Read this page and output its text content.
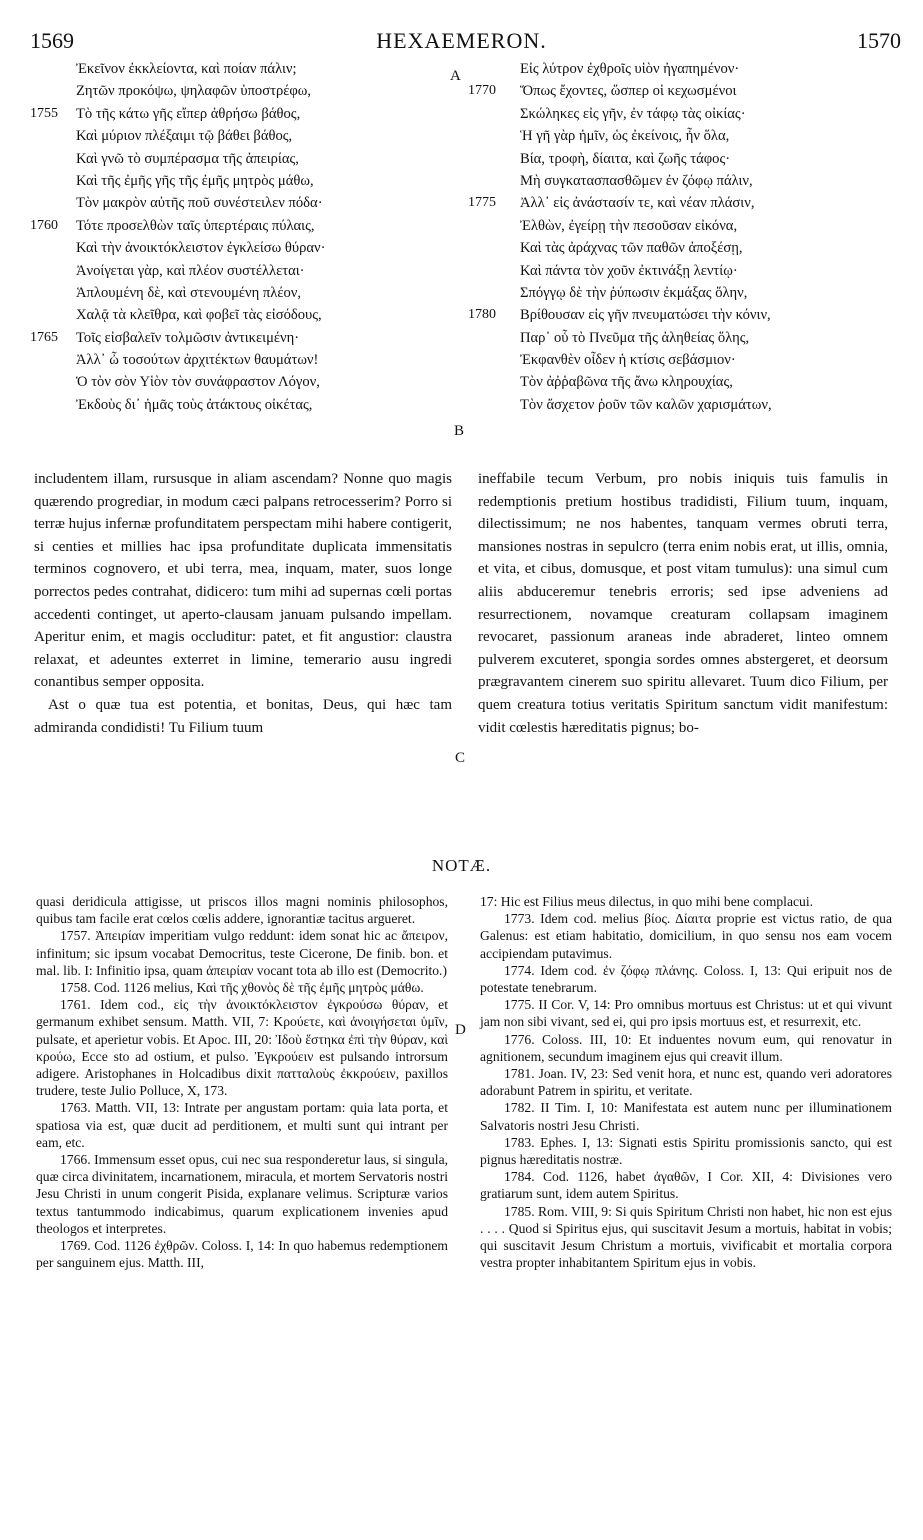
1569	HEXAEMERON.	1570
Ἐκεῖνον ἐκκλείοντα, καὶ ποίαν πάλιν;
Ζητῶν προκόψω, ψηλαφῶν ὑποστρέφω,
1755 Τὸ τῆς κάτω γῆς εἴπερ ἀθρήσω βάθος,
Καὶ μύριον πλέξαιμι τῷ βάθει βάθος,
Καὶ γνῶ τὸ συμπέρασμα τῆς ἀπειρίας,
Καὶ τῆς ἐμῆς γῆς τῆς ἐμῆς μητρὸς μάθω,
Τὸν μακρὸν αὐτῆς ποῦ συνέστειλεν πόδα·
1760 Τότε προσελθὼν ταῖς ὑπερτέραις πύλαις,
Καὶ τὴν ἀνοικτόκλειστον ἐγκλείσω θύραν·
Ἀνοίγεται γὰρ, καὶ πλέον συστέλλεται·
Ἁπλουμένη δὲ, καὶ στενουμένη πλέον,
Χαλᾷ τὰ κλεῖθρα, καὶ φοβεῖ τὰς εἰσόδους,
1765 Τοῖς εἰσβαλεῖν τολμῶσιν ἀντικειμένη·
Ἀλλ᾽ ὦ τοσούτων ἀρχιτέκτων θαυμάτων!
Ὁ τὸν σὸν Υἱὸν τὸν συνάφραστον Λόγον,
Ἐκδοὺς δι᾽ ἡμᾶς τοὺς ἀτάκτους οἰκέτας,
Εἰς λύτρον ἐχθροῖς υἱὸν ἠγαπημένον·
1770 Ὅπως ἔχοντες, ὥσπερ οἱ κεχωσμένοι
Σκώληκες εἰς γῆν, ἐν τάφῳ τὰς οἰκίας·
Ἡ γῆ γὰρ ἡμῖν, ὡς ἐκείνοις, ἦν ὅλα,
Βία, τροφὴ, δίαιτα, καὶ ζωῆς τάφος·
Μὴ συγκατασπασθῶμεν ἐν ζόφῳ πάλιν,
1775 Ἀλλ᾽ εἰς ἀνάστασίν τε, καὶ νέαν πλάσιν,
Ἐλθὼν, ἐγείρῃ τὴν πεσοῦσαν εἰκόνα,
Καὶ τὰς ἀράχνας τῶν παθῶν ἀποξέσῃ,
Καὶ πάντα τὸν χοῦν ἐκτινάξῃ λεντίῳ·
Σπόγγῳ δὲ τὴν ῥύπωσιν ἐκμάξας ὅλην,
1780 Βρίθουσαν εἰς γῆν πνευματώσει τὴν κόνιν,
Παρ᾽ οὗ τὸ Πνεῦμα τῆς ἀληθείας ὅλης,
Ἐκφανθὲν οἶδεν ἡ κτίσις σεβάσμιον·
Τὸν ἀῤῥαβῶνα τῆς ἄνω κληρουχίας,
Τὸν ἄσχετον ῥοῦν τῶν καλῶν χαρισμάτων,
A
B
C
D

includentem illam, rursusque in aliam ascendam? Nonne quo magis quærendo progrediar, in modum cæci palpans retrocesserim? Porro si terræ hujus infernæ profunditatem perspectam mihi habere contigerit, si centies et millies hac ipsa profunditate duplicata immensitatis terminos cognovero, et ubi terra, mea, inquam, mater, suos longe porrectos pedes contrahat, didicero: tum mihi ad supernas cœli portas accedenti continget, ut aperto-clausam januam pulsando impellam. Aperitur enim, et magis occluditur: patet, et fit angustior: claustra relaxat, et adeuntes exterret in limine, temerario ausu ingredi conantibus semper opposita.

Ast o quæ tua est potentia, et bonitas, Deus, qui hæc tam admiranda condidisti! Tu Filium tuum

ineffabile tecum Verbum, pro nobis iniquis tuis famulis in redemptionis pretium hostibus tradidisti, Filium tuum, inquam, dilectissimum; ne nos habentes, tanquam vermes obruti terra, mansiones nostras in sepulcro (terra enim nobis erat, ut illis, omnia, et vita, et cibus, domusque, et post vitam tumulus): una simul cum aliis abduceremur tenebris erroris; sed ipse adveniens ad resurrectionem, novamque creaturam collapsam imaginem revocaret, passionum araneas inde abraderet, linteo omnem pulverem excuteret, spongia sordes omnes abstergeret, et deorsum prægravantem cinerem suo spiritu allevaret. Tuum dico Filium, per quem creatura totius veritatis Spiritum sanctum vidit manifestum: vidit cœlestis hæreditatis pignus; bo-

NOTÆ.

quasi deridicula attigisse, ut priscos illos magni nominis philosophos, quibus tam facile erat cœlos cœlis addere, ignorantiæ tacitus argueret.

1757. Ἀπειρίαν imperitiam vulgo reddunt: idem sonat hic ac ἄπειρον, infinitum; sic ipsum vocabat Democritus, teste Cicerone, De finib. bon. et mal. lib. I: Infinitio ipsa, quam ἀπειρίαν vocant tota ab illo est (Democrito.)

1758. Cod. 1126 melius, Καὶ τῆς χθονὸς δὲ τῆς ἐμῆς μητρὸς μάθω.

1761. Idem cod., εἰς τὴν ἀνοικτόκλειστον ἐγκρούσω θύραν, et germanum exhibet sensum. Matth. VII, 7: Κρούετε, καὶ ἀνοιγήσεται ὑμῖν, pulsate, et aperietur vobis. Et Apoc. III, 20: Ἰδοὺ ἕστηκα ἐπὶ τὴν θύραν, καὶ κρούω, Ecce sto ad ostium, et pulso. Ἐγκρούειν est pulsando introrsum adigere. Aristophanes in Holcadibus dixit πατταλοὺς ἐκκρούειν, paxillos trudere, teste Julio Polluce, X, 173.

1763. Matth. VII, 13: Intrate per angustam portam: quia lata porta, et spatiosa via est, quæ ducit ad perditionem, et multi sunt qui intrant per eam, etc.

1766. Immensum esset opus, cui nec sua responderetur laus, si singula, quæ circa divinitatem, incarnationem, miracula, et mortem Servatoris nostri Jesu Christi in unum congerit Pisida, explanare velimus. Scripturæ varios textus tantummodo indicabimus, quarum explicationem invenies apud theologos et interpretes.

1769. Cod. 1126 ἐχθρῶν. Coloss. I, 14: In quo habemus redemptionem per sanguinem ejus. Matth. III,

17: Hic est Filius meus dilectus, in quo mihi bene complacui.

1773. Idem cod. melius βίος. Δίαιτα proprie est victus ratio, de qua Galenus: est etiam habitatio, domicilium, in quo sensu nos eam vocem accipiendam putavimus.

1774. Idem cod. ἐν ζόφῳ πλάνης. Coloss. I, 13: Qui eripuit nos de potestate tenebrarum.

1775. II Cor. V, 14: Pro omnibus mortuus est Christus: ut et qui vivunt jam non sibi vivant, sed ei, qui pro ipsis mortuus est, et resurrexit, etc.

1776. Coloss. III, 10: Et induentes novum eum, qui renovatur in agnitionem, secundum imaginem ejus qui creavit illum.

1781. Joan. IV, 23: Sed venit hora, et nunc est, quando veri adoratores adorabunt Patrem in spiritu, et veritate.

1782. II Tim. I, 10: Manifestata est autem nunc per illuminationem Salvatoris nostri Jesu Christi.

1783. Ephes. I, 13: Signati estis Spiritu promissionis sancto, qui est pignus hæreditatis nostræ.

1784. Cod. 1126, habet ἀγαθῶν, I Cor. XII, 4: Divisiones vero gratiarum sunt, idem autem Spiritus.

1785. Rom. VIII, 9: Si quis Spiritum Christi non habet, hic non est ejus . . . . Quod si Spiritus ejus, qui suscitavit Jesum a mortuis, habitat in vobis; qui suscitavit Jesum Christum a mortuis, vivificabit et mortalia corpora vestra propter inhabitantem Spiritum ejus in vobis.
